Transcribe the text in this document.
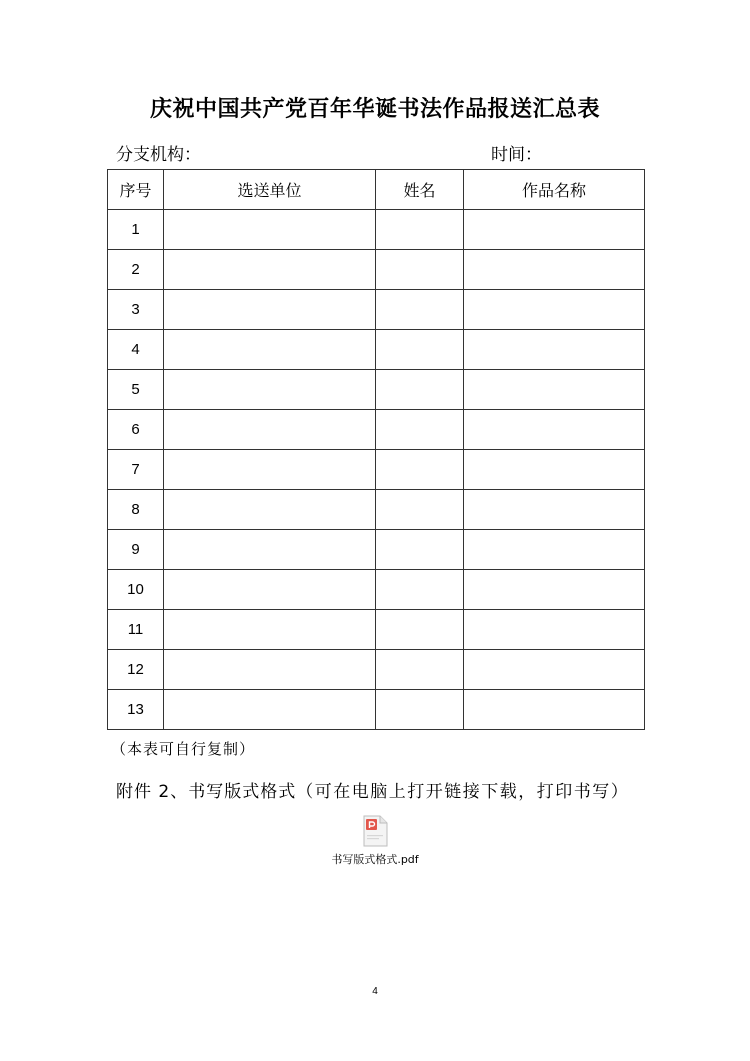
庆祝中国共产党百年华诞书法作品报送汇总表
分支机构：	时间：
序号	选送单位	姓名	作品名称
1			
2			
3			
4			
5			
6			
7			
8			
9			
10			
11			
12			
13			
（本表可自行复制）
附件 2、书写版式格式（可在电脑上打开链接下载，打印书写）
书写版式格式.pdf
4
